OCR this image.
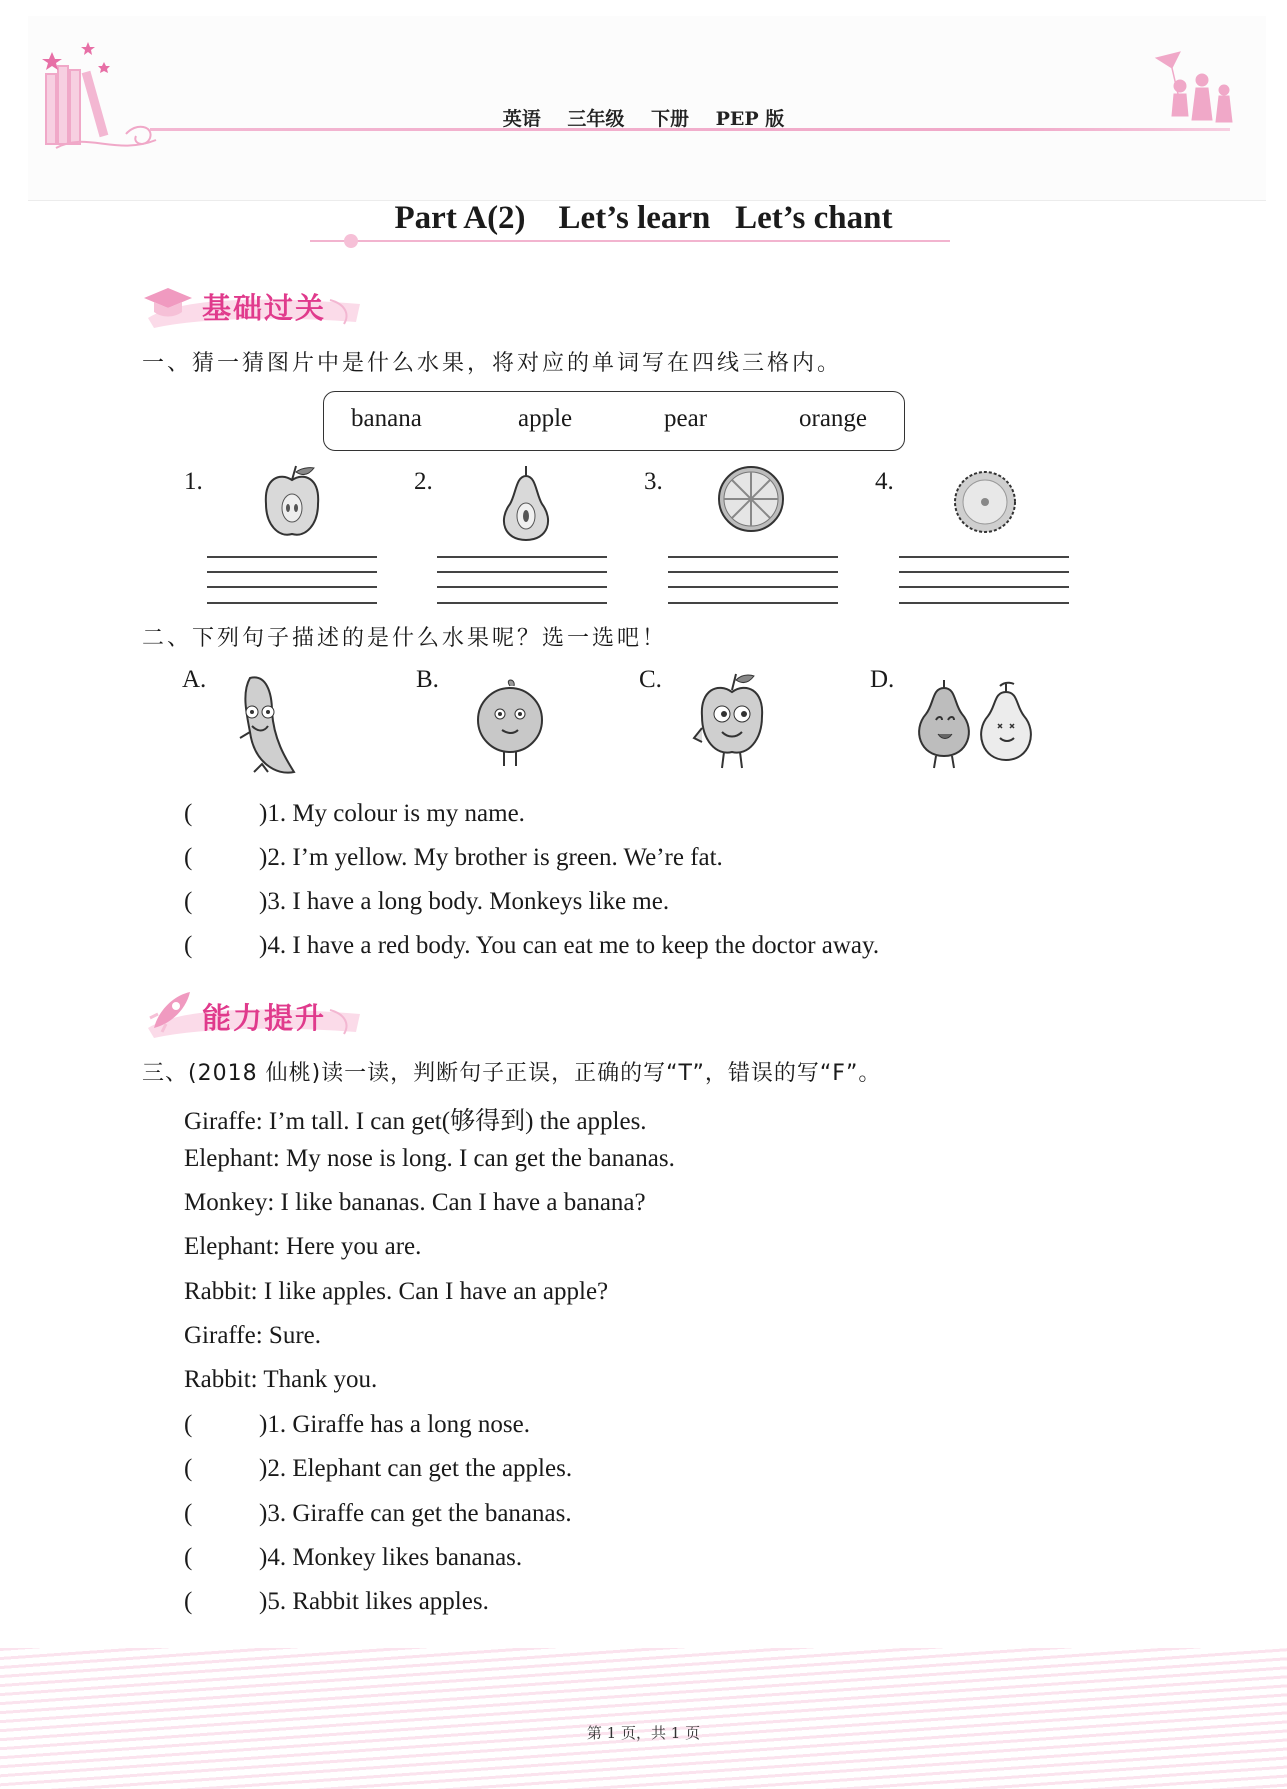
英语 三年级 下册 PEP 版
Part A(2)    Let’s learn   Let’s chant
基础过关
一、猜一猜图片中是什么水果，将对应的单词写在四线三格内。
banana	apple	pear	orange
1.	2.	3.	4.
二、下列句子描述的是什么水果呢？选一选吧！
A.	B.	C.	D.
(	)1. My colour is my name.
(	)2. I’m yellow. My brother is green. We’re fat.
(	)3. I have a long body. Monkeys like me.
(	)4. I have a red body. You can eat me to keep the doctor away.
能力提升
三、(2018 仙桃)读一读，判断句子正误，正确的写“T”，错误的写“F”。
Giraffe: I’m tall. I can get(够得到) the apples.
Elephant: My nose is long. I can get the bananas.
Monkey: I like bananas. Can I have a banana?
Elephant: Here you are.
Rabbit: I like apples. Can I have an apple?
Giraffe: Sure.
Rabbit: Thank you.
(	)1. Giraffe has a long nose.
(	)2. Elephant can get the apples.
(	)3. Giraffe can get the bananas.
(	)4. Monkey likes bananas.
(	)5. Rabbit likes apples.
第 1 页，共 1 页
